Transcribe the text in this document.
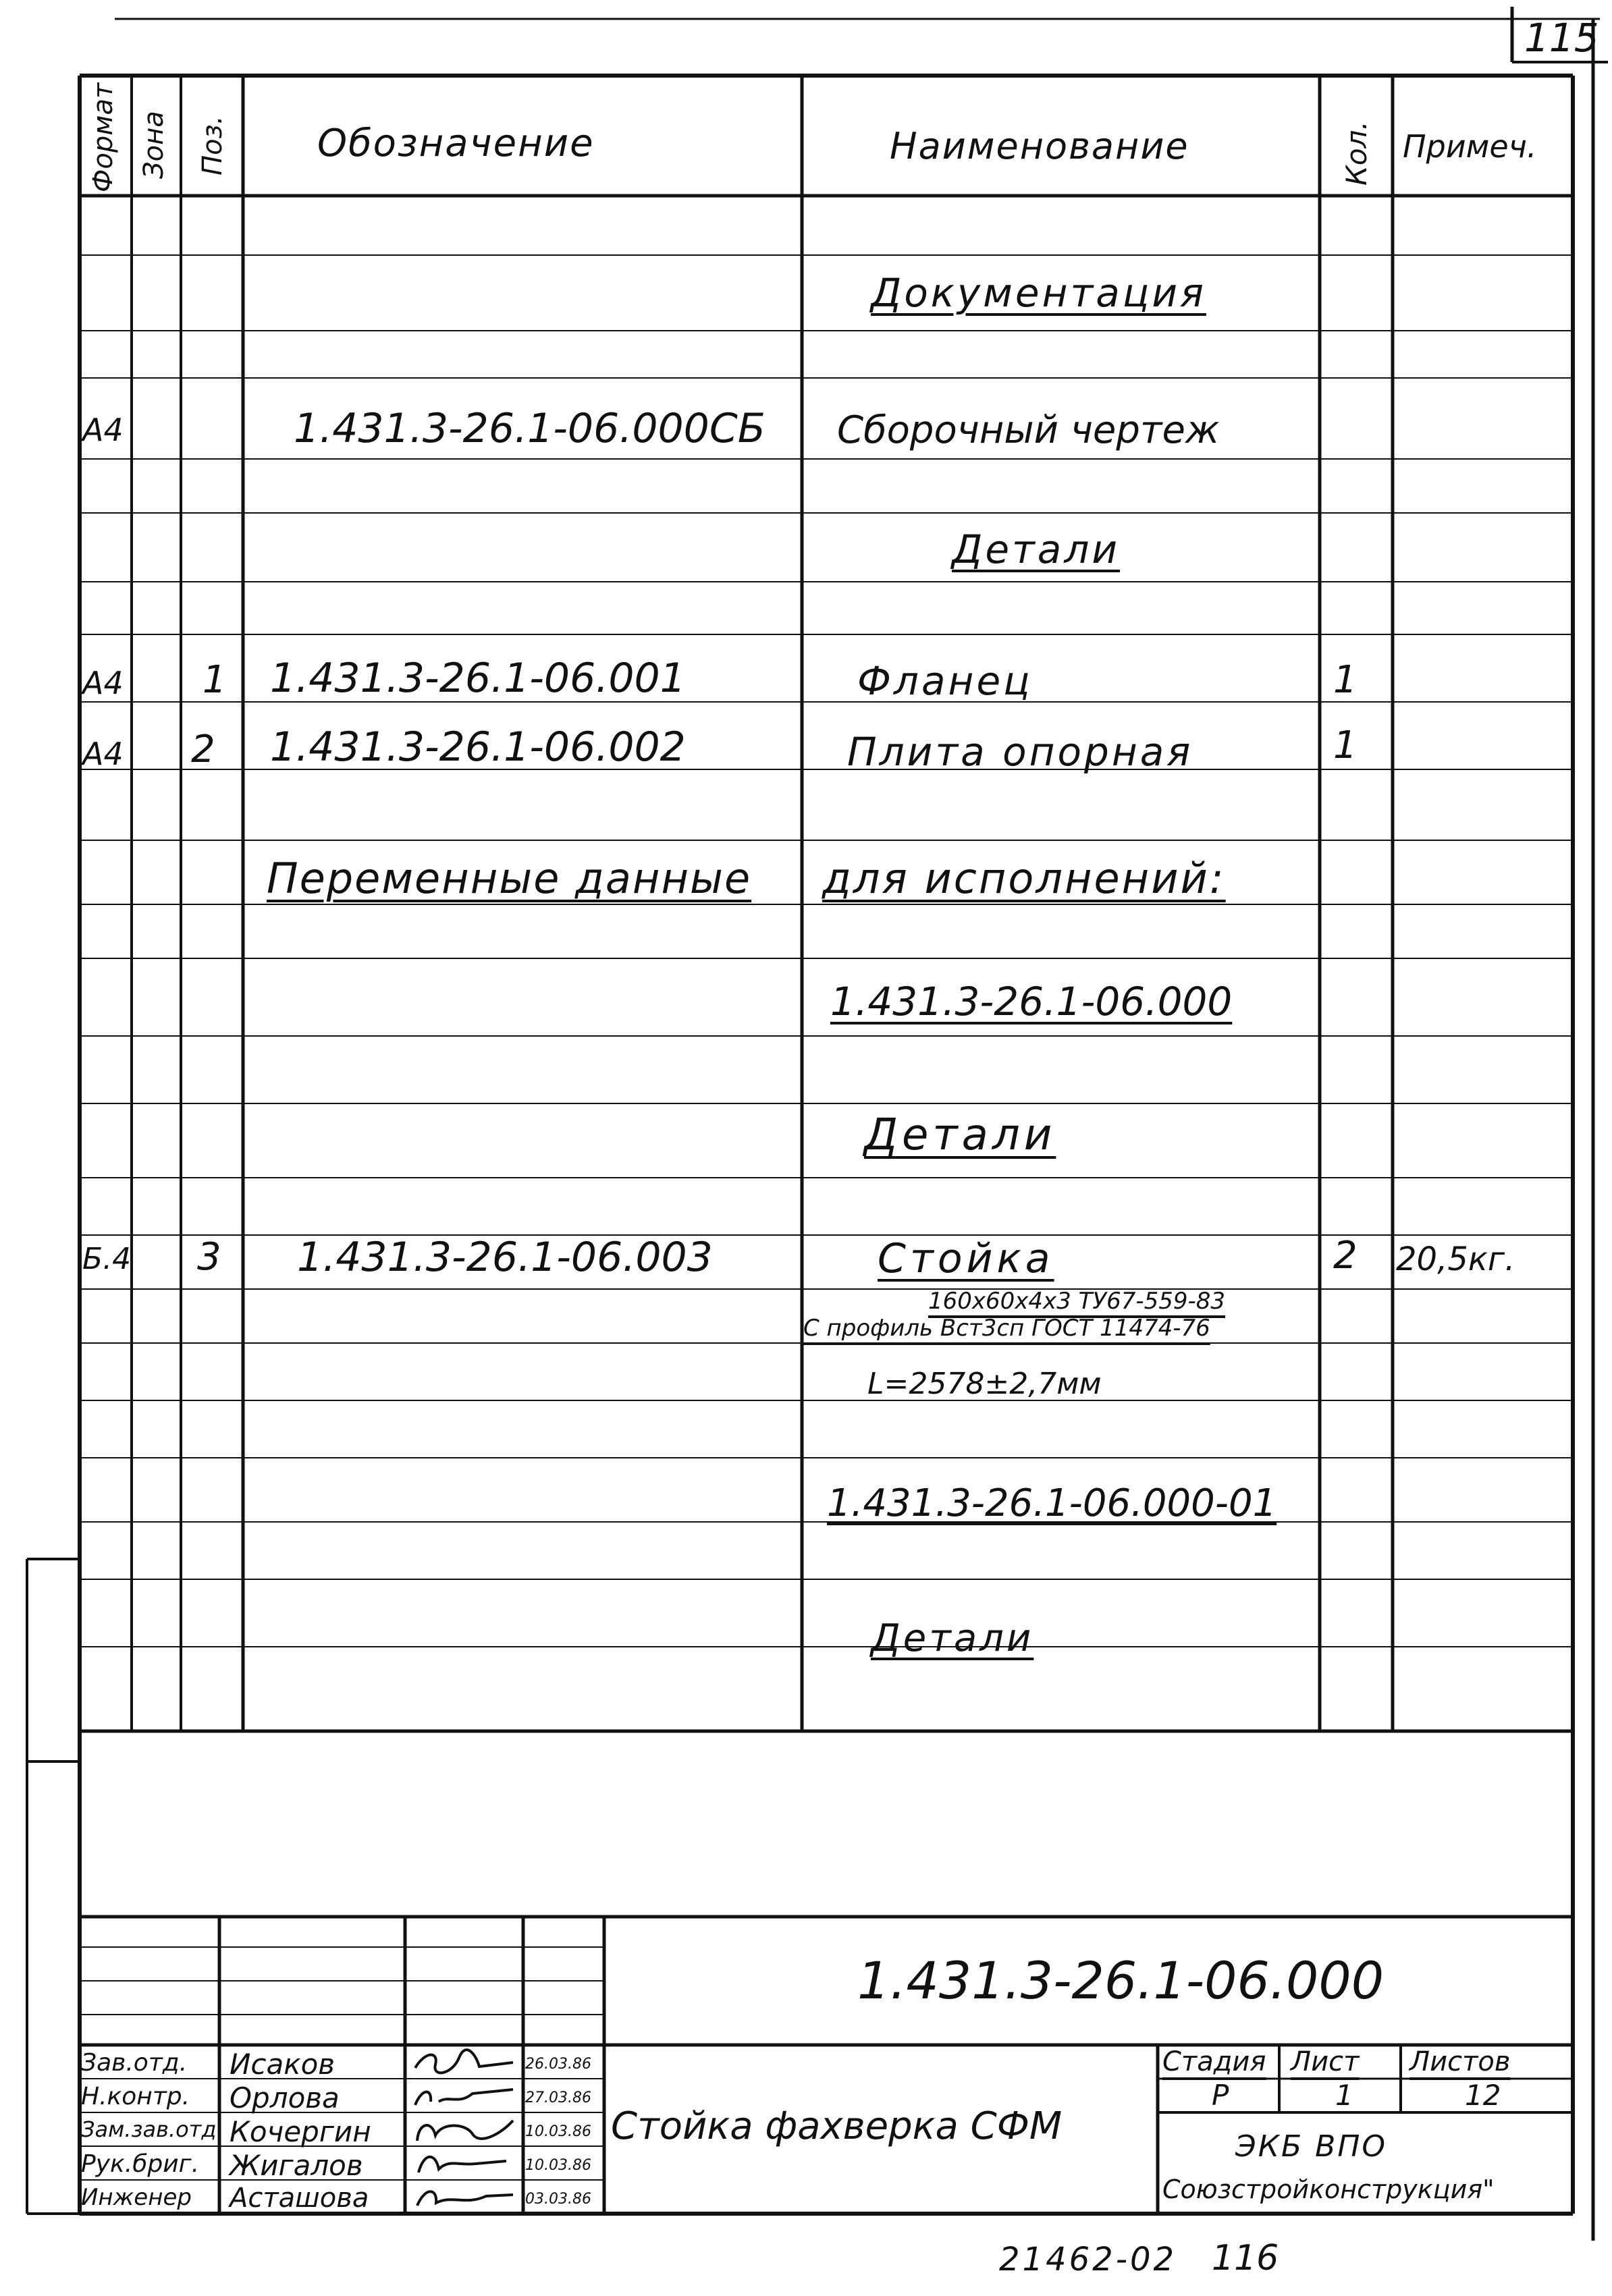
115
Формат Зона Поз. Обозначение	Наименование	Кол. Примеч.
Документация
А4	1.431.3-26.1-06.000СБ Сборочный чертеж
Детали
А4 1 1.431.3-26.1-06.001	Фланец	1
А4 2 1.431.3-26.1-06.002	Плита опорная	1
Переменные данные для исполнений:
1.431.3-26.1-06.000
Детали
Б.4 3 1.431.3-26.1-06.003	Стойка	2 20,5кг.
160х60х4х3 ТУ67-559-83
С профиль Вст3сп ГОСТ 11474-76
L=2578±2,7мм
1.431.3-26.1-06.000-01
Детали
1.431.3-26.1-06.000
Зав.отд. Исаков	26.03.86
Н.контр. Орлова	27.03.86
Зам.зав.отд Кочергин	10.03.86
Рук.бриг. Жигалов	10.03.86
Инженер Асташова	03.03.86
Стойка фахверка СФМ
Стадия Лист Листов
Р	1	12
ЭКБ ВПО
Союзстройконструкция"
21462-02 116
